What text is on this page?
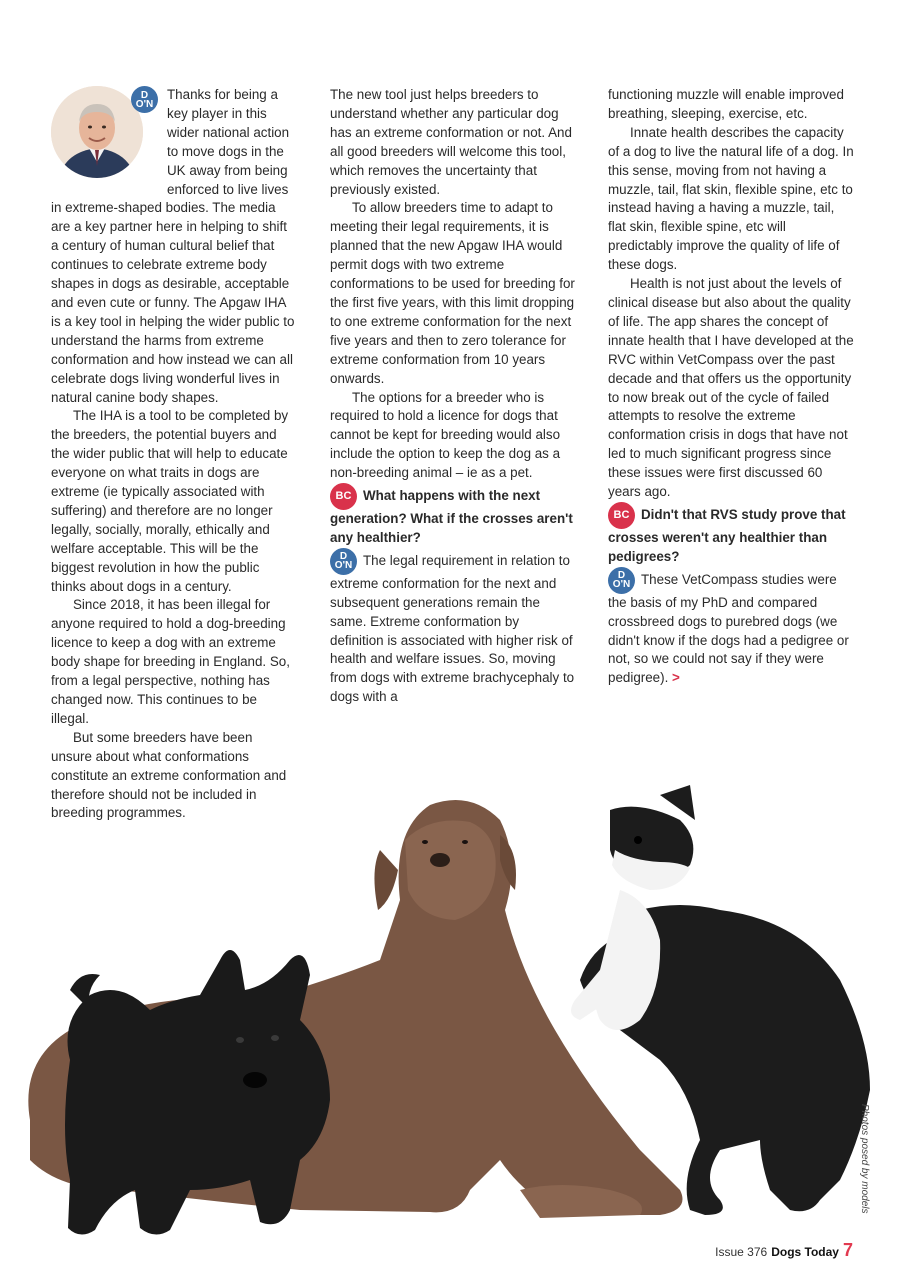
D
O'N

Thanks for being a key player in this wider national action to move dogs in the UK away from being enforced to live lives in extreme-shaped bodies. The media are a key partner here in helping to shift a century of human cultural belief that continues to celebrate extreme body shapes in dogs as desirable, acceptable and even cute or funny. The Apgaw IHA is a key tool in helping the wider public to understand the harms from extreme conformation and how instead we can all celebrate dogs living wonderful lives in natural canine body shapes.

The IHA is a tool to be completed by the breeders, the potential buyers and the wider public that will help to educate everyone on what traits in dogs are extreme (ie typically associated with suffering) and therefore are no longer legally, socially, morally, ethically and welfare acceptable. This will be the biggest revolution in how the public thinks about dogs in a century.

Since 2018, it has been illegal for anyone required to hold a dog-breeding licence to keep a dog with an extreme body shape for breeding in England. So, from a legal perspective, nothing has changed now. This continues to be illegal.

But some breeders have been unsure about what conformations constitute an extreme conformation and therefore should not be included in breeding programmes.

The new tool just helps breeders to understand whether any particular dog has an extreme conformation or not. And all good breeders will welcome this tool, which removes the uncertainty that previously existed.

To allow breeders time to adapt to meeting their legal requirements, it is planned that the new Apgaw IHA would permit dogs with two extreme conformations to be used for breeding for the first five years, with this limit dropping to one extreme conformation for the next five years and then to zero tolerance for extreme conformation from 10 years onwards.

The options for a breeder who is required to hold a licence for dogs that cannot be kept for breeding would also include the option to keep the dog as a non-breeding animal – ie as a pet.

BC What happens with the next generation? What if the crosses aren't any healthier?

D
O'N The legal requirement in relation to extreme conformation for the next and subsequent generations remain the same. Extreme conformation by definition is associated with higher risk of health and welfare issues. So, moving from dogs with extreme brachycephaly to dogs with a

functioning muzzle will enable improved breathing, sleeping, exercise, etc.

Innate health describes the capacity of a dog to live the natural life of a dog. In this sense, moving from not having a muzzle, tail, flat skin, flexible spine, etc to instead having a having a muzzle, tail, flat skin, flexible spine, etc will predictably improve the quality of life of these dogs.

Health is not just about the levels of clinical disease but also about the quality of life. The app shares the concept of innate health that I have developed at the RVC within VetCompass over the past decade and that offers us the opportunity to now break out of the cycle of failed attempts to resolve the extreme conformation crisis in dogs that have not led to much significant progress since these issues were first discussed 60 years ago.

BC Didn't that RVS study prove that crosses weren't any healthier than pedigrees?

D
O'N These VetCompass studies were the basis of my PhD and compared crossbreed dogs to purebred dogs (we didn't know if the dogs had a pedigree or not, so we could not say if they were pedigree). >

Photos posed by models
Issue 376 Dogs Today 7
